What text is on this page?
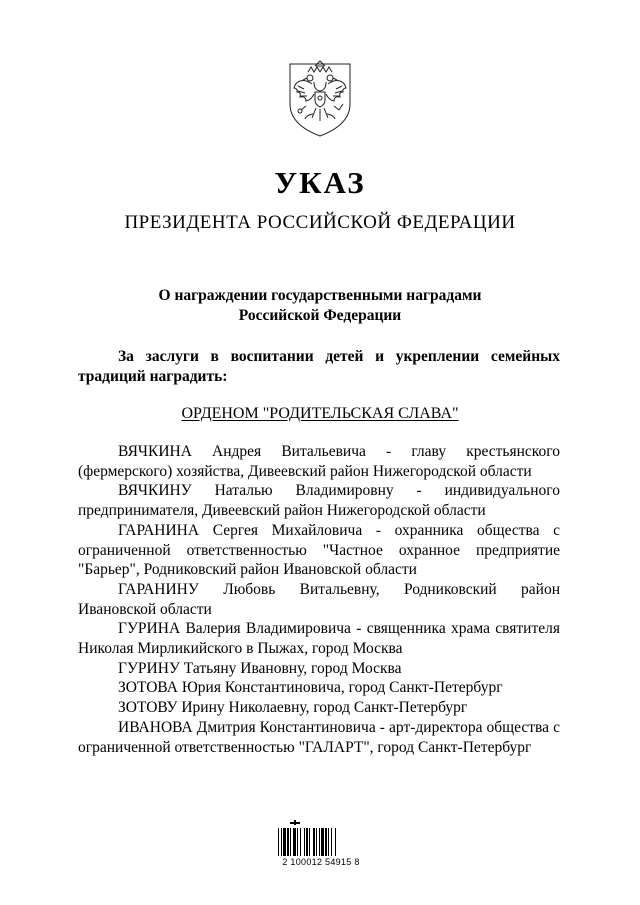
УКАЗ
ПРЕЗИДЕНТА РОССИЙСКОЙ ФЕДЕРАЦИИ
О награждении государственными наградами
Российской Федерации
За заслуги в воспитании детей и укреплении семейных традиций наградить:
ОРДЕНОМ "РОДИТЕЛЬСКАЯ СЛАВА"

ВЯЧКИНА Андрея Витальевича - главу крестьянского (фермерского) хозяйства, Дивеевский район Нижегородской области

ВЯЧКИНУ Наталью Владимировну - индивидуального предпринимателя, Дивеевский район Нижегородской области

ГАРАНИНА Сергея Михайловича - охранника общества с ограниченной ответственностью "Частное охранное предприятие "Барьер", Родниковский район Ивановской области

ГАРАНИНУ Любовь Витальевну, Родниковский район Ивановской области

ГУРИНА Валерия Владимировича - священника храма святителя Николая Мирликийского в Пыжах, город Москва

ГУРИНУ Татьяну Ивановну, город Москва

ЗОТОВА Юрия Константиновича, город Санкт-Петербург

ЗОТОВУ Ирину Николаевну, город Санкт-Петербург

ИВАНОВА Дмитрия Константиновича - арт-директора общества с ограниченной ответственностью "ГАЛАРТ", город Санкт-Петербург

2 100012 54915 8
